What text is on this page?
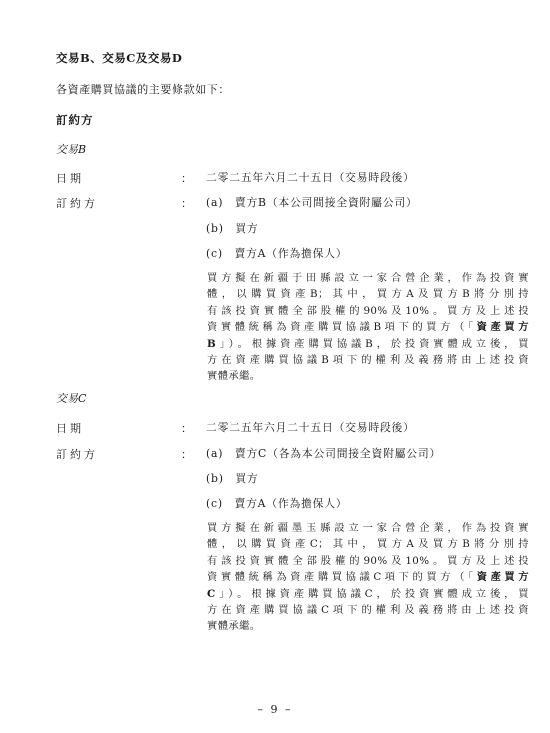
交易B、交易C及交易D
各資產購買協議的主要條款如下：
訂約方
交易B
日期	： 二零二五年六月二十五日（交易時段後）
訂約方	： (a)　賣方B（本公司間接全資附屬公司）
(b)　買方
(c)　賣方A（作為擔保人）
買方擬在新疆于田縣設立一家合營企業，作為投資實
體，以購買資產B；其中，買方A及買方B將分別持
有該投資實體全部股權的90%及10%。買方及上述投
資實體統稱為資產購買協議B項下的買方（「資產買方
B」）。根據資產購買協議B，於投資實體成立後，買
方在資產購買協議B項下的權利及義務將由上述投資
實體承繼。
交易C
日期	： 二零二五年六月二十五日（交易時段後）
訂約方	： (a)　賣方C（各為本公司間接全資附屬公司）
(b)　買方
(c)　賣方A（作為擔保人）
買方擬在新疆墨玉縣設立一家合營企業，作為投資實
體，以購買資產C；其中，買方A及買方B將分別持
有該投資實體全部股權的90%及10%。買方及上述投
資實體統稱為資產購買協議C項下的買方（「資產買方
C」）。根據資產購買協議C，於投資實體成立後，買
方在資產購買協議C項下的權利及義務將由上述投資
實體承繼。
– 9 –
